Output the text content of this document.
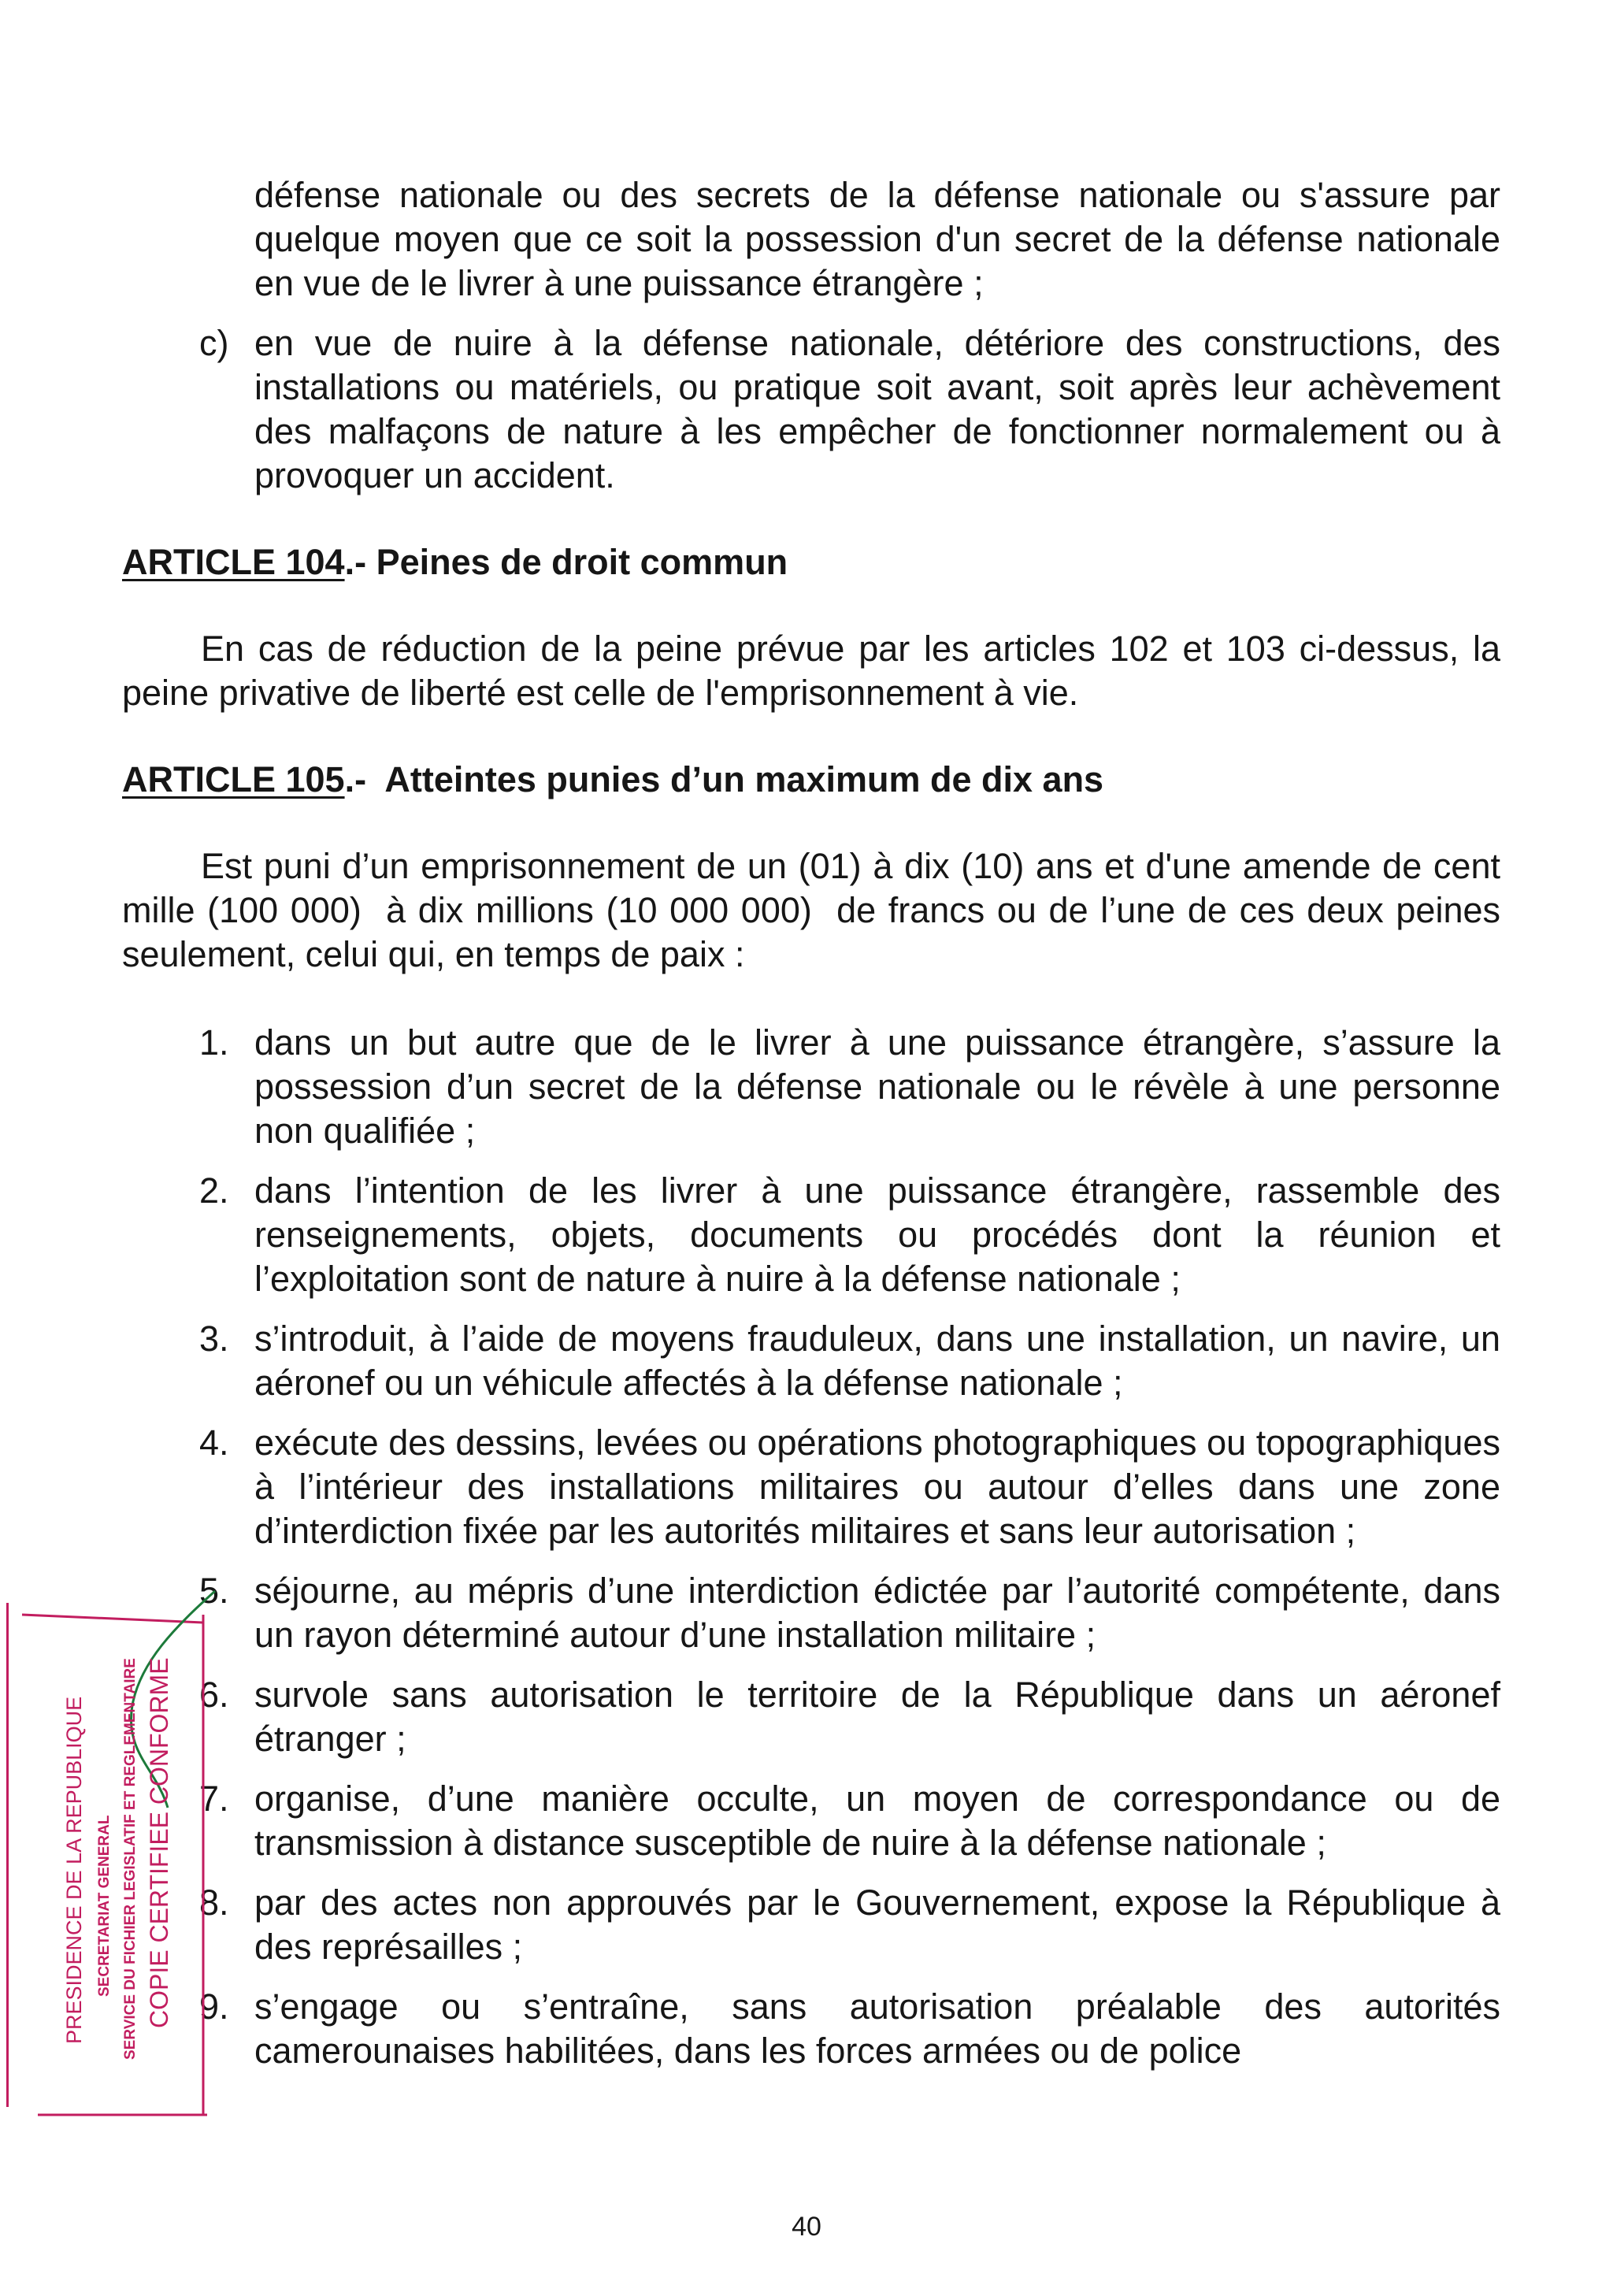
défense nationale ou des secrets de la défense nationale ou s'assure par quelque moyen que ce soit la possession d'un secret de la défense nationale en vue de le livrer à une puissance étrangère ;

c) en vue de nuire à la défense nationale, détériore des constructions, des installations ou matériels, ou pratique soit avant, soit après leur achèvement des malfaçons de nature à les empêcher de fonctionner normalement ou à provoquer un accident.

ARTICLE 104.- Peines de droit commun

En cas de réduction de la peine prévue par les articles 102 et 103 ci-dessus, la peine privative de liberté est celle de l'emprisonnement à vie.

ARTICLE 105.-  Atteintes punies d’un maximum de dix ans

Est puni d’un emprisonnement de un (01) à dix (10) ans et d'une amende de cent mille (100 000)  à dix millions (10 000 000)  de francs ou de l’une de ces deux peines seulement, celui qui, en temps de paix :

1. dans un but autre que de le livrer à une puissance étrangère, s’assure la possession d’un secret de la défense nationale ou le révèle à une personne non qualifiée ;
2. dans l’intention de les livrer à une puissance étrangère, rassemble des renseignements, objets, documents ou procédés dont la réunion et l’exploitation sont de nature à nuire à la défense nationale ;
3. s’introduit, à l’aide de moyens frauduleux, dans une installation, un navire, un aéronef ou un véhicule affectés à la défense nationale ;
4. exécute des dessins, levées ou opérations photographiques ou topographiques à l’intérieur des installations militaires ou autour d’elles dans une zone d’interdiction fixée par les autorités militaires et sans leur autorisation ;
5. séjourne, au mépris d’une interdiction édictée par l’autorité compétente, dans un rayon déterminé autour d’une installation militaire ;
6. survole sans autorisation le territoire de la République dans un aéronef étranger ;
7. organise, d’une manière occulte, un moyen de correspondance ou de transmission à distance susceptible de nuire à la défense nationale ;
8. par des actes non approuvés par le Gouvernement, expose la République à des représailles ;
9. s’engage ou s’entraîne, sans autorisation préalable des autorités camerounaises habilitées, dans les forces armées ou de police
PRESIDENCE DE LA REPUBLIQUE SECRETARIAT GENERAL SERVICE DU FICHIER LEGISLATIF ET REGLEMENTAIRE COPIE CERTIFIEE CONFORME
40
